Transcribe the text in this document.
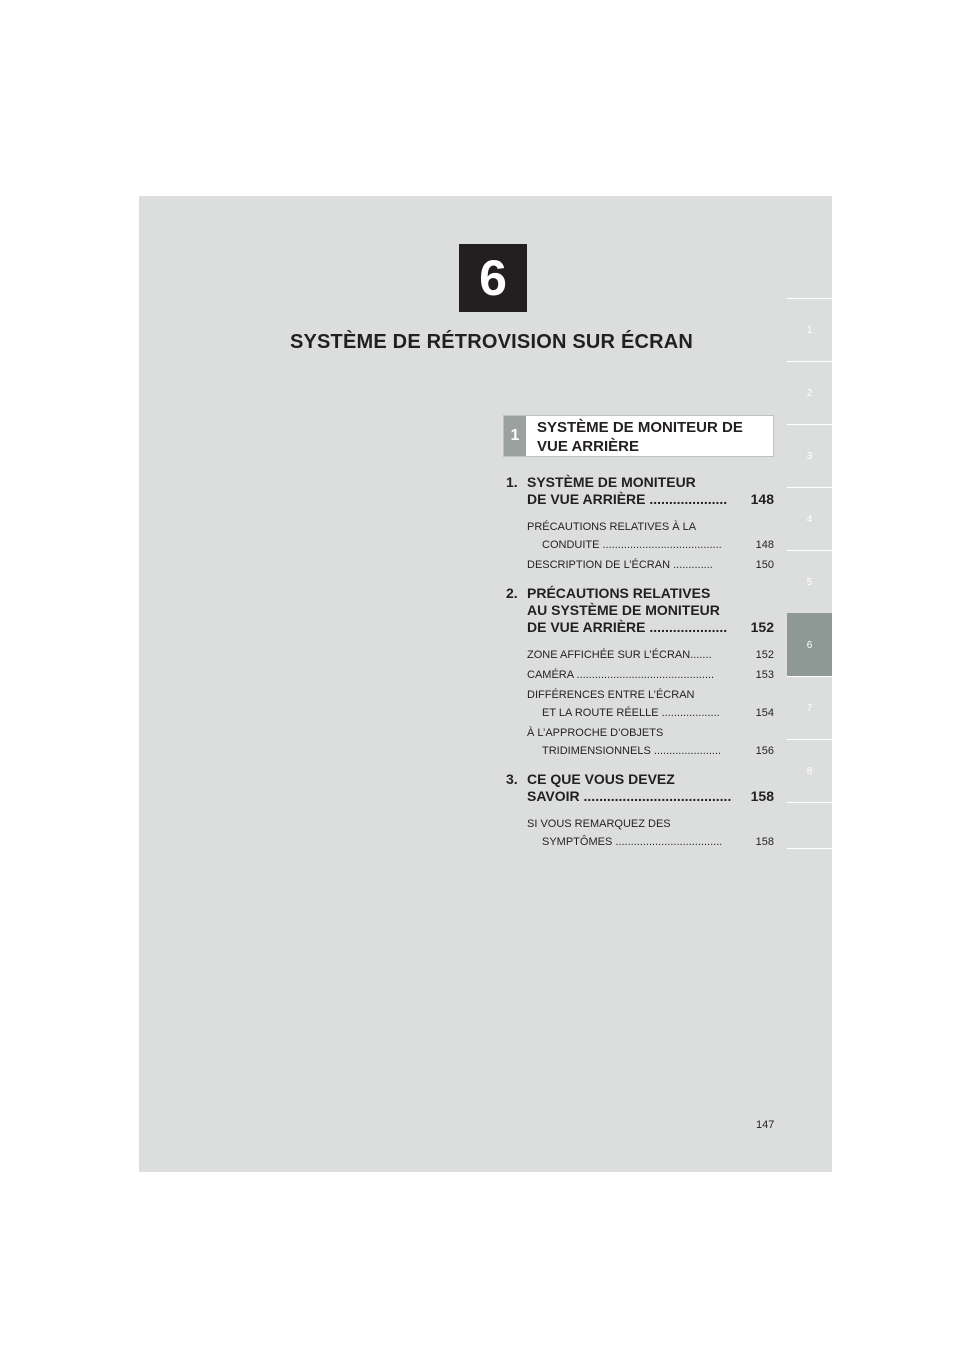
6
SYSTÈME DE RÉTROVISION SUR ÉCRAN
1
2
3
4
5
6
7
8
1	SYSTÈME DE MONITEUR DE
VUE ARRIÈRE
1. SYSTÈME DE MONITEUR
DE VUE ARRIÈRE .................... 148
PRÉCAUTIONS RELATIVES À LA
CONDUITE .......................................	148
DESCRIPTION DE L’ÉCRAN .............	150
2. PRÉCAUTIONS RELATIVES
AU SYSTÈME DE MONITEUR
DE VUE ARRIÈRE .................... 152
ZONE AFFICHÉE SUR L’ÉCRAN.......	152
CAMÉRA .............................................	153
DIFFÉRENCES ENTRE L’ÉCRAN
ET LA ROUTE RÉELLE ...................	154
À L’APPROCHE D’OBJETS
TRIDIMENSIONNELS ......................	156
3. CE QUE VOUS DEVEZ
SAVOIR ...................................... 158
SI VOUS REMARQUEZ DES
SYMPTÔMES ...................................	158
147
